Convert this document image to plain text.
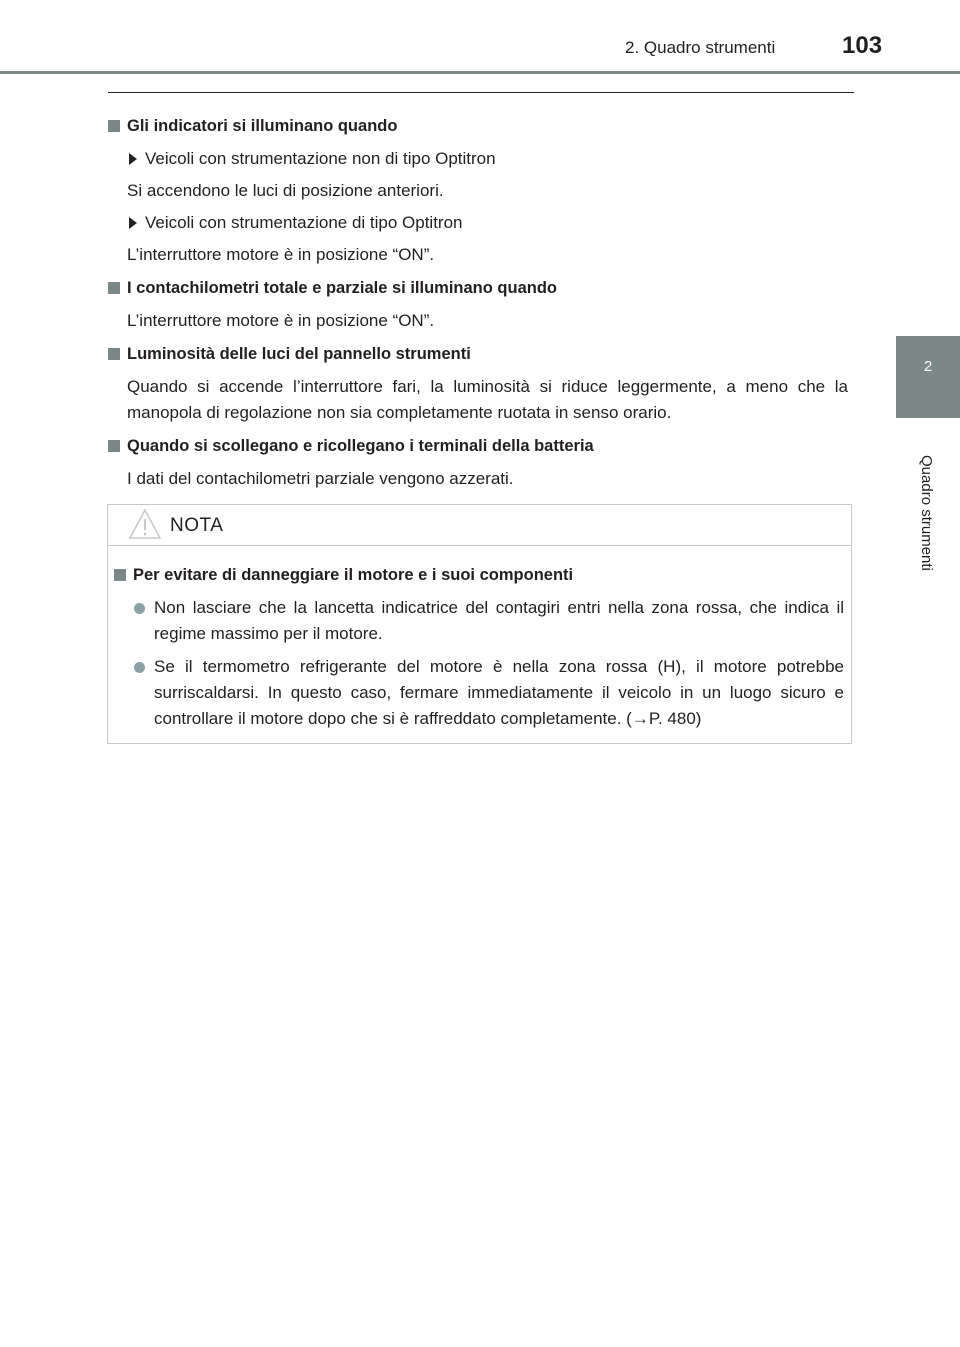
2. Quadro strumenti	103
2
Quadro strumenti
Gli indicatori si illuminano quando
Veicoli con strumentazione non di tipo Optitron

Si accendono le luci di posizione anteriori.

Veicoli con strumentazione di tipo Optitron

L’interruttore motore è in posizione “ON”.

I contachilometri totale e parziale si illuminano quando

L’interruttore motore è in posizione “ON”.

Luminosità delle luci del pannello strumenti

Quando si accende l’interruttore fari, la luminosità si riduce leggermente, a meno che la manopola di regolazione non sia completamente ruotata in senso orario.

Quando si scollegano e ricollegano i terminali della batteria

I dati del contachilometri parziale vengono azzerati.

NOTA
Per evitare di danneggiare il motore e i suoi componenti
Non lasciare che la lancetta indicatrice del contagiri entri nella zona rossa, che indica il regime massimo per il motore.
Se il termometro refrigerante del motore è nella zona rossa (H), il motore potrebbe surriscaldarsi. In questo caso, fermare immediatamente il veicolo in un luogo sicuro e controllare il motore dopo che si è raffreddato completamente. (→P. 480)
